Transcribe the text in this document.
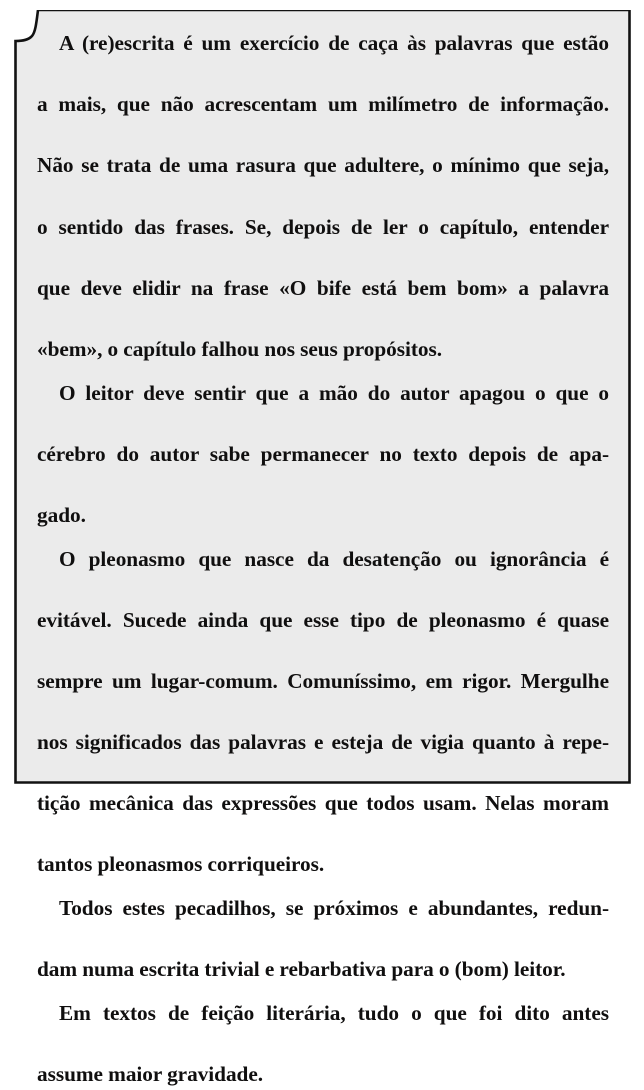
A (re)escrita é um exercício de caça às palavras que estão
a mais, que não acrescentam um milímetro de informação.
Não se trata de uma rasura que adultere, o mínimo que seja,
o sentido das frases. Se, depois de ler o capítulo, entender
que deve elidir na frase «O bife está bem bom» a palavra
«bem», o capítulo falhou nos seus propósitos.

O leitor deve sentir que a mão do autor apagou o que o
cérebro do autor sabe permanecer no texto depois de apa-
gado.

O pleonasmo que nasce da desatenção ou ignorância é
evitável. Sucede ainda que esse tipo de pleonasmo é quase
sempre um lugar-comum. Comuníssimo, em rigor. Mergulhe
nos significados das palavras e esteja de vigia quanto à repe-
tição mecânica das expressões que todos usam. Nelas moram
tantos pleonasmos corriqueiros.

Todos estes pecadilhos, se próximos e abundantes, redun-
dam numa escrita trivial e rebarbativa para o (bom) leitor.

Em textos de feição literária, tudo o que foi dito antes
assume maior gravidade.
